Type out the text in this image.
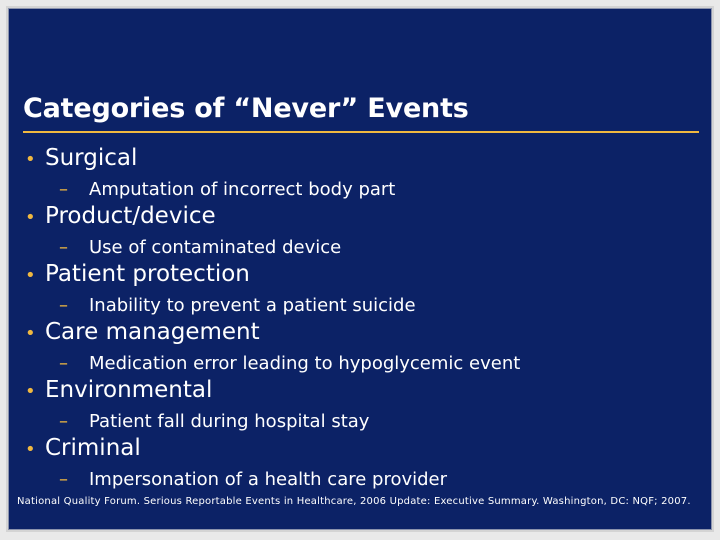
Categories of “Never” Events
• Surgical
–	Amputation of incorrect body part
• Product/device
–	Use of contaminated device
• Patient protection
–	Inability to prevent a patient suicide
• Care management
–	Medication error leading to hypoglycemic event
• Environmental
–	Patient fall during hospital stay
• Criminal
–	Impersonation of a health care provider
National Quality Forum. Serious Reportable Events in Healthcare, 2006 Update: Executive Summary. Washington, DC: NQF; 2007.
